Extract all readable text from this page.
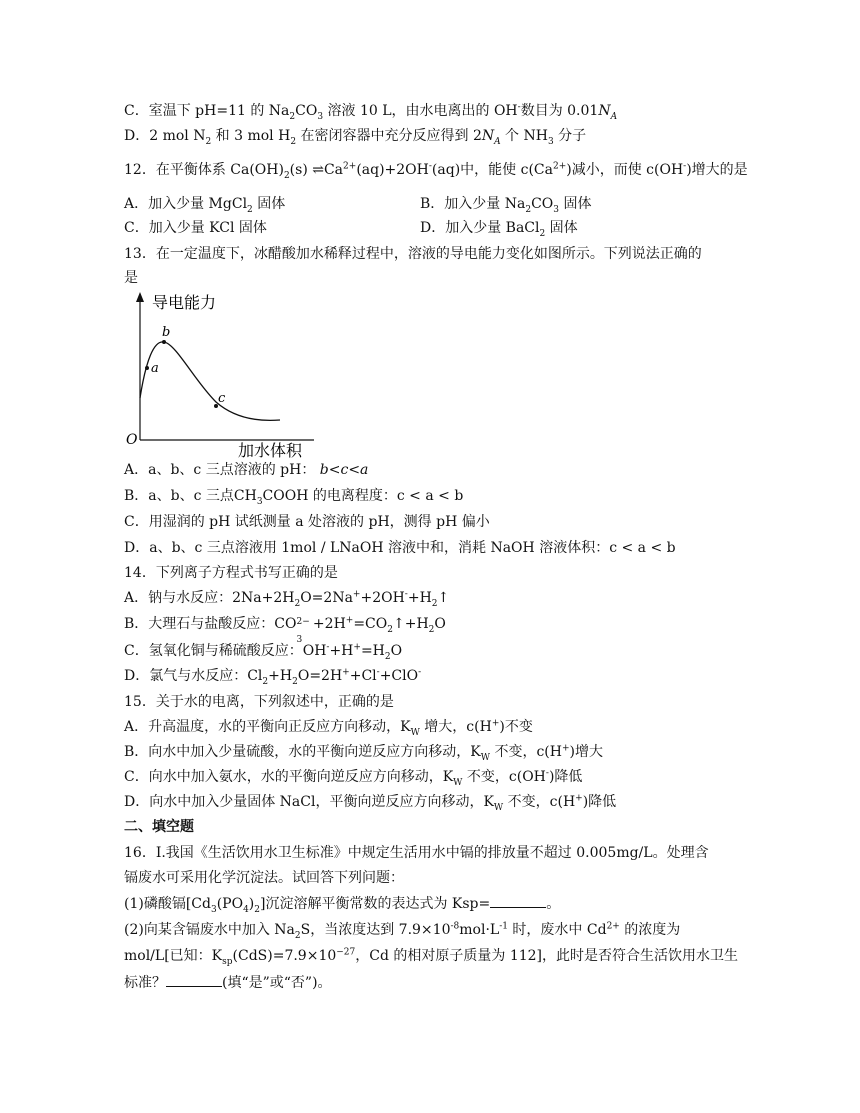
C．室温下 pH=11 的 $Na_2CO_3$ 溶液 10 L，由水电离出的 OH-数目为 $0.01N_A$
D．2 mol $N_2$ 和 3 mol $H_2$ 在密闭容器中充分反应得到 $2N_A$ 个 $NH_3$ 分子
12．在平衡体系 $Ca(OH)_2(s)$ $\rightleftharpoons Ca^{2+}(aq)+2OH^-(aq)$中，能使 $c(Ca^{2+})$减小，而使 c(OH-)增大的是
A．加入少量 MgCl$_2$ 固体	B．加入少量 $Na_2CO_3$ 固体
C．加入少量 KCl 固体	D．加入少量 BaCl$_2$ 固体
13．在一定温度下，冰醋酸加水稀释过程中，溶液的导电能力变化如图所示。下列说法正确的
是
导电能力
加水体积
O
a
b
c
A．a、b、c 三点溶液的 pH： b<c<a
B．a、b、c 三点$CH_3COOH$ 的电离程度：c < a < b
C．用湿润的 pH 试纸测量 a 处溶液的 pH，测得 pH 偏小
D．a、b、c 三点溶液用 1mol / LNaOH 溶液中和，消耗 NaOH 溶液体积：c < a < b
14．下列离子方程式书写正确的是
A．钠与水反应：$2Na+2H_2O=2Na^++2OH^-+H_2↑$
B．大理石与盐酸反应：CO 2−
3
$+2H^+=CO_2↑+H_2O$
C．氢氧化铜与稀硫酸反应：$OH^-+H^+=H_2O$
D．氯气与水反应：$Cl_2+H_2O=2H^++Cl^-+ClO^-$
15．关于水的电离，下列叙述中，正确的是
A．升高温度，水的平衡向正反应方向移动，$K_W$ 增大，c(H+)不变
B．向水中加入少量硫酸，水的平衡向逆反应方向移动，$K_W$ 不变，c(H+)增大
C．向水中加入氨水，水的平衡向逆反应方向移动，$K_W$ 不变，c(OH-)降低
D．向水中加入少量固体 NaCl，平衡向逆反应方向移动，$K_W$ 不变，c(H+)降低
二、填空题
16．Ⅰ.我国《生活饮用水卫生标准》中规定生活用水中镉的排放量不超过 0.005mg/L。处理含
镉废水可采用化学沉淀法。试回答下列问题：
(1)磷酸镉$[Cd_3(PO_4)_2]$沉淀溶解平衡常数的表达式为 Ksp=	。
(2)向某含镉废水中加入 $Na_2S$，当浓度达到 $7.9\times 10^{-8}mol\cdot L^{-1}$ 时，废水中 $Cd^{2+}$ 的浓度为
mol/L[已知：$K_{sp}(CdS)=7.9\times 10^{-27}$，Cd 的相对原子质量为 112]，此时是否符合生活饮用水卫生
标准？	(填“是”或“否”)。
